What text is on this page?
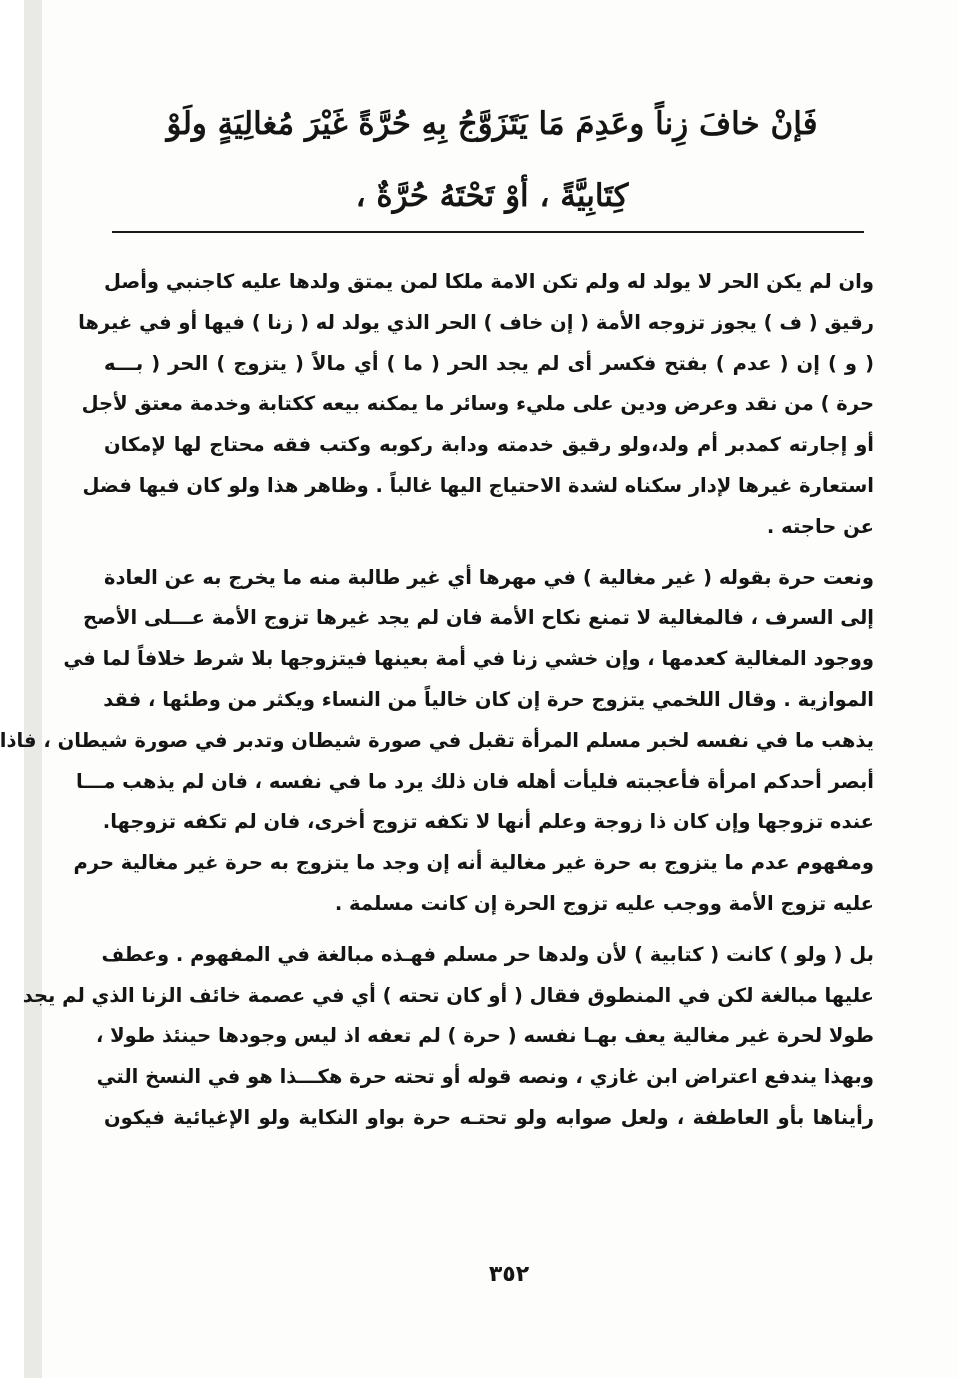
فَإنْ خافَ زِناً وعَدِمَ مَا يَتَزَوَّجُ بِهِ حُرَّةً غَيْرَ مُغالِيَةٍ ولَوْ
كِتَابِيَّةً ، أوْ تَحْتَهُ حُرَّةٌ ،
وان لم يكن الحر لا يولد له ولم تكن الامة ملكا لمن يمتق ولدها عليه كاجنبي وأصل
رقيق ( ف ) يجوز تزوجه الأمة ( إن خاف ) الحر الذي يولد له ( زنا ) فيها أو في غيرها
( و ) إن ( عدم ) بفتح فكسر أى لم يجد الحر ( ما ) أي مالاً ( يتزوج ) الحر ( بـــه
حرة ) من نقد وعرض ودين على مليء وسائر ما يمكنه بيعه ككتابة وخدمة معتق لأجل
أو إجارته كمدبر أم ولد،ولو رقيق خدمته ودابة ركوبه وكتب فقه محتاج لها لإمكان
استعارة غيرها لإدار سكناه لشدة الاحتياج اليها غالباً . وظاهر هذا ولو كان فيها فضل
عن حاجته .
ونعت حرة بقوله ( غير مغالية ) في مهرها أي غير طالبة منه ما يخرج به عن العادة
إلى السرف ، فالمغالية لا تمنع نكاح الأمة فان لم يجد غيرها تزوج الأمة عـــلى الأصح
ووجود المغالية كعدمها ، وإن خشي زنا في أمة بعينها فيتزوجها بلا شرط خلافاً لما في
الموازية . وقال اللخمي يتزوج حرة إن كان خالياً من النساء ويكثر من وطئها ، فقد
يذهب ما في نفسه لخبر مسلم المرأة تقبل في صورة شيطان وتدبر في صورة شيطان ، فاذا
أبصر أحدكم امرأة فأعجبته فليأت أهله فان ذلك يرد ما في نفسه ، فان لم يذهب مـــا
عنده تزوجها وإن كان ذا زوجة وعلم أنها لا تكفه تزوج أخرى، فان لم تكفه تزوجها.
ومفهوم عدم ما يتزوج به حرة غير مغالية أنه إن وجد ما يتزوج به حرة غير مغالية حرم
عليه تزوج الأمة ووجب عليه تزوج الحرة إن كانت مسلمة .
بل ( ولو ) كانت ( كتابية ) لأن ولدها حر مسلم فهـذه مبالغة في المفهوم . وعطف
عليها مبالغة لكن في المنطوق فقال ( أو كان تحته ) أي في عصمة خائف الزنا الذي لم يجد
طولا لحرة غير مغالية يعف بهـا نفسه ( حرة ) لم تعفه اذ ليس وجودها حينئذ طولا ،
وبهذا يندفع اعتراض ابن غازي ، ونصه قوله أو تحته حرة هكـــذا هو في النسخ التي
رأيناها بأو العاطفة ، ولعل صوابه ولو تحتـه حرة بواو النكاية ولو الإغيائية فيكون
٣٥٢
